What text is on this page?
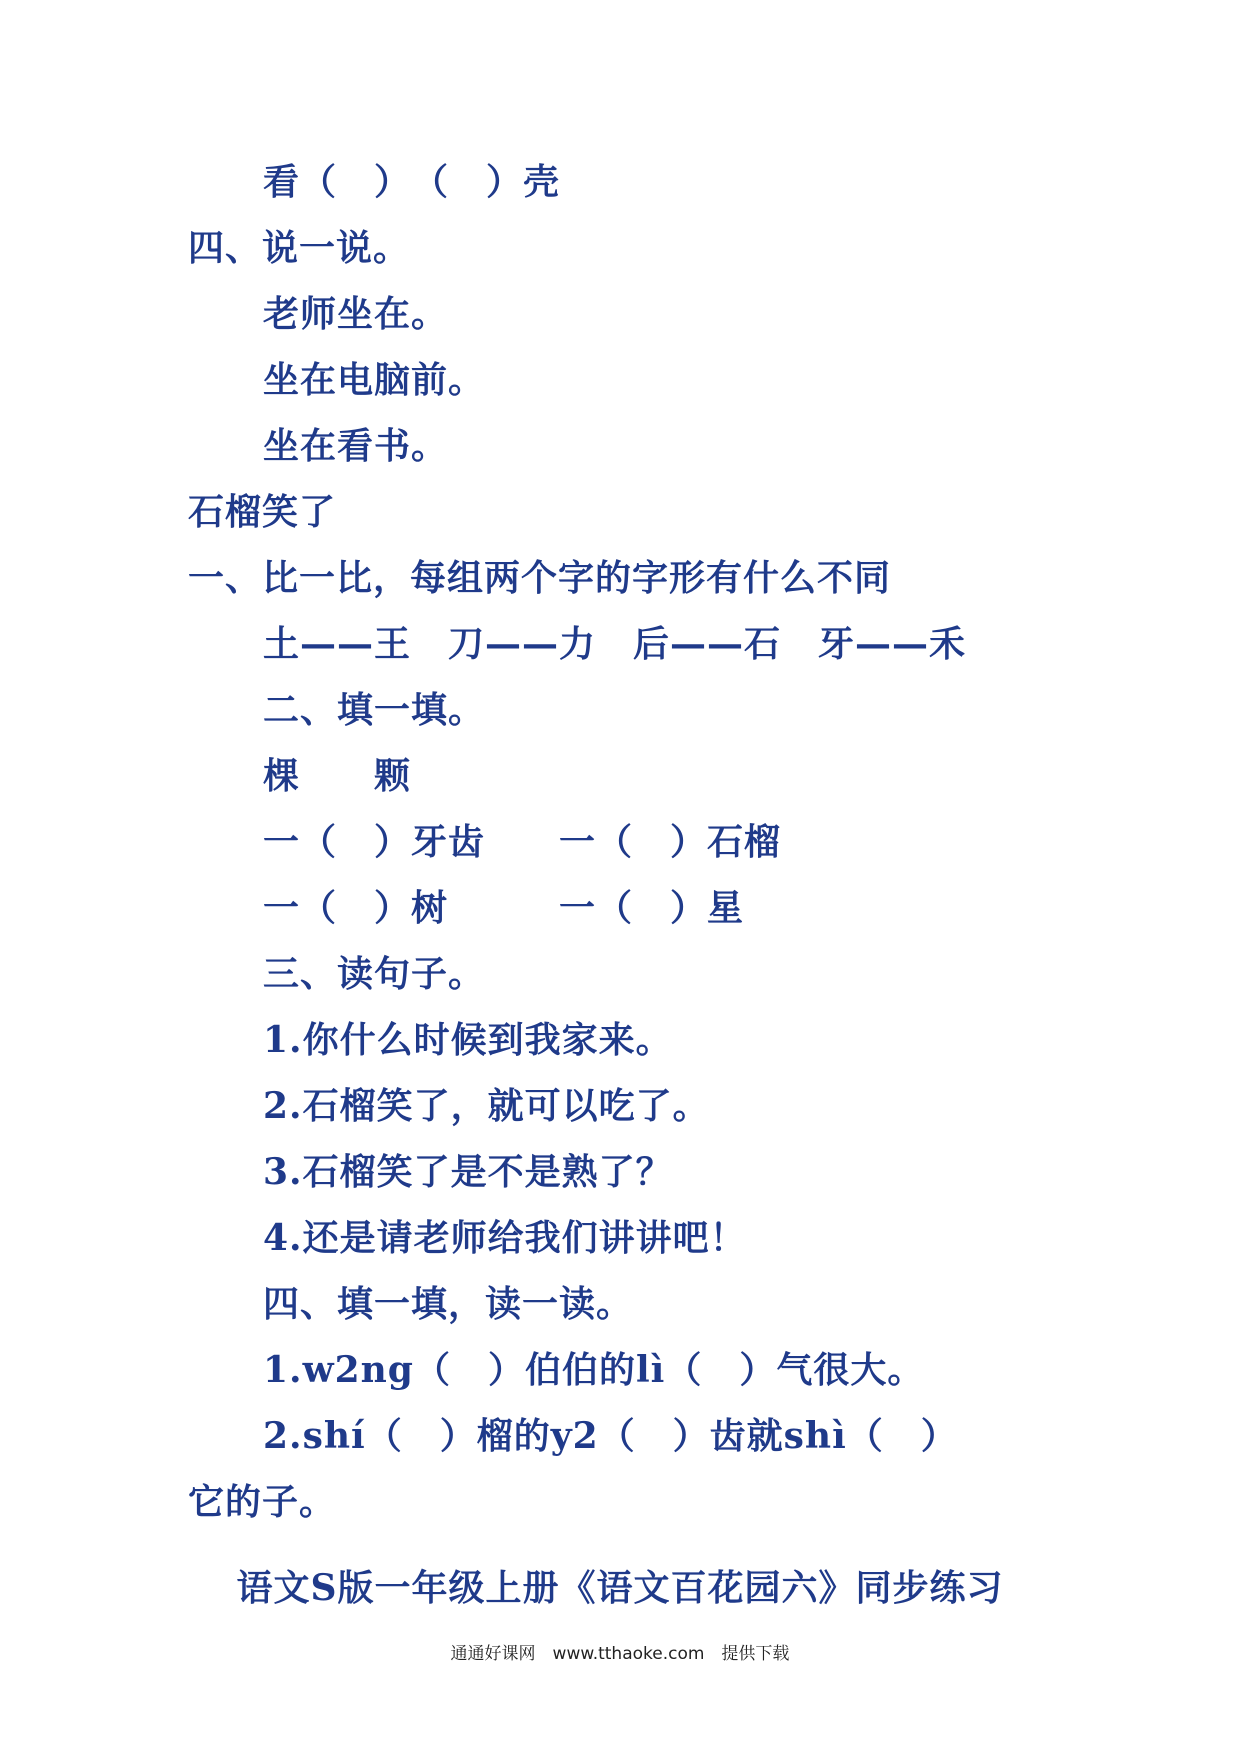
看（　）　（　）壳
四、说一说。
老师坐在。
坐在电脑前。
坐在看书。
石榴笑了
一、比一比，每组两个字的字形有什么不同
土——王　刀——力　后——石　牙——禾
二、填一填。
棵　　颗
一（　）牙齿　　一（　）石榴
一（　）树　　　一（　）星
三、读句子。
1.你什么时候到我家来。
2.石榴笑了，就可以吃了。
3.石榴笑了是不是熟了？
4.还是请老师给我们讲讲吧！
四、填一填，读一读。
1.w2ng（　）伯伯的lì（　）气很大。
2.shí（　）榴的y2（　）齿就shì（　）
它的子。
语文S版一年级上册《语文百花园六》同步练习
通通好课网　www.tthaoke.com　提供下载
